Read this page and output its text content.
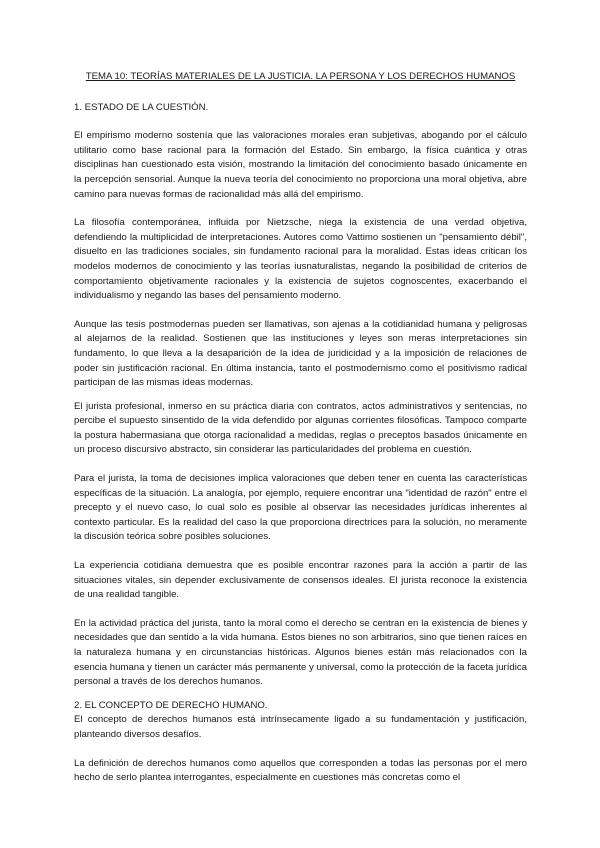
TEMA 10: TEORÍAS MATERIALES DE LA JUSTICIA. LA PERSONA Y LOS DERECHOS HUMANOS
1. ESTADO DE LA CUESTIÓN.

El empirismo moderno sostenía que las valoraciones morales eran subjetivas, abogando por el cálculo utilitario como base racional para la formación del Estado. Sin embargo, la física cuántica y otras disciplinas han cuestionado esta visión, mostrando la limitación del conocimiento basado únicamente en la percepción sensorial. Aunque la nueva teoría del conocimiento no proporciona una moral objetiva, abre camino para nuevas formas de racionalidad más allá del empirismo.

La filosofía contemporánea, influida por Nietzsche, niega la existencia de una verdad objetiva, defendiendo la multiplicidad de interpretaciones. Autores como Vattimo sostienen un "pensamiento débil", disuelto en las tradiciones sociales, sin fundamento racional para la moralidad. Estas ideas critican los modelos modernos de conocimiento y las teorías iusnaturalistas, negando la posibilidad de criterios de comportamiento objetivamente racionales y la existencia de sujetos cognoscentes, exacerbando el individualismo y negando las bases del pensamiento moderno.

Aunque las tesis postmodernas pueden ser llamativas, son ajenas a la cotidianidad humana y peligrosas al alejarnos de la realidad. Sostienen que las instituciones y leyes son meras interpretaciones sin fundamento, lo que lleva a la desaparición de la idea de juridicidad y a la imposición de relaciones de poder sin justificación racional. En última instancia, tanto el postmodernismo como el positivismo radical participan de las mismas ideas modernas.

El jurista profesional, inmerso en su práctica diaria con contratos, actos administrativos y sentencias, no percibe el supuesto sinsentido de la vida defendido por algunas corrientes filosóficas. Tampoco comparte la postura habermasiana que otorga racionalidad a medidas, reglas o preceptos basados únicamente en un proceso discursivo abstracto, sin considerar las particularidades del problema en cuestión.

Para el jurista, la toma de decisiones implica valoraciones que deben tener en cuenta las características específicas de la situación. La analogía, por ejemplo, requiere encontrar una "identidad de razón" entre el precepto y el nuevo caso, lo cual solo es posible al observar las necesidades jurídicas inherentes al contexto particular. Es la realidad del caso la que proporciona directrices para la solución, no meramente la discusión teórica sobre posibles soluciones.

La experiencia cotidiana demuestra que es posible encontrar razones para la acción a partir de las situaciones vitales, sin depender exclusivamente de consensos ideales. El jurista reconoce la existencia de una realidad tangible.

En la actividad práctica del jurista, tanto la moral como el derecho se centran en la existencia de bienes y necesidades que dan sentido a la vida humana. Estos bienes no son arbitrarios, sino que tienen raíces en la naturaleza humana y en circunstancias históricas. Algunos bienes están más relacionados con la esencia humana y tienen un carácter más permanente y universal, como la protección de la faceta jurídica personal a través de los derechos humanos.

2. EL CONCEPTO DE DERECHO HUMANO.

El concepto de derechos humanos está intrínsecamente ligado a su fundamentación y justificación, planteando diversos desafíos.

La definición de derechos humanos como aquellos que corresponden a todas las personas por el mero hecho de serlo plantea interrogantes, especialmente en cuestiones más concretas como el
